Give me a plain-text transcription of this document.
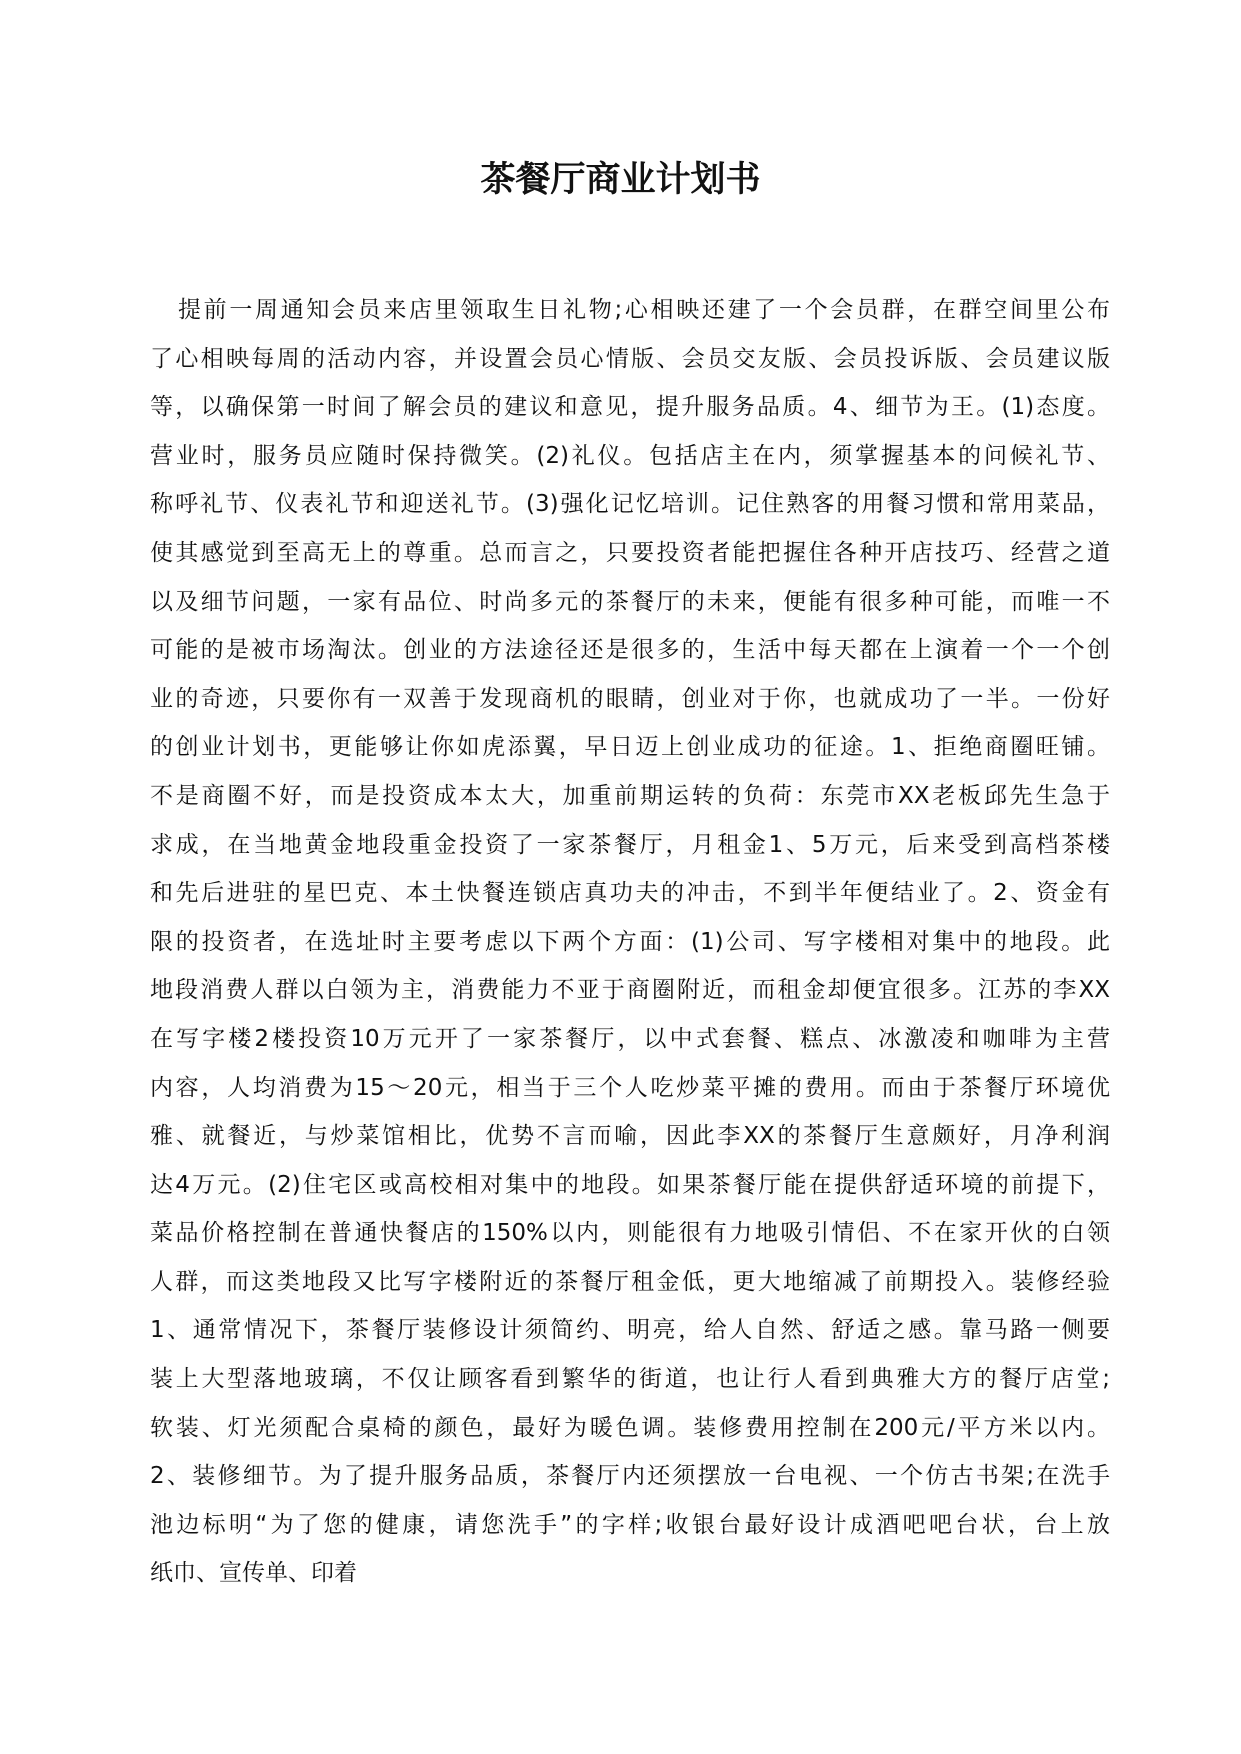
茶餐厅商业计划书
提前一周通知会员来店里领取生日礼物;心相映还建了一个会员群，在群空间里公布
了心相映每周的活动内容，并设置会员心情版、会员交友版、会员投诉版、会员建议版
等，以确保第一时间了解会员的建议和意见，提升服务品质。4、细节为王。(1)态度。
营业时，服务员应随时保持微笑。(2)礼仪。包括店主在内，须掌握基本的问候礼节、
称呼礼节、仪表礼节和迎送礼节。(3)强化记忆培训。记住熟客的用餐习惯和常用菜品，
使其感觉到至高无上的尊重。总而言之，只要投资者能把握住各种开店技巧、经营之道
以及细节问题，一家有品位、时尚多元的茶餐厅的未来，便能有很多种可能，而唯一不
可能的是被市场淘汰。创业的方法途径还是很多的，生活中每天都在上演着一个一个创
业的奇迹，只要你有一双善于发现商机的眼睛，创业对于你，也就成功了一半。一份好
的创业计划书，更能够让你如虎添翼，早日迈上创业成功的征途。1、拒绝商圈旺铺。
不是商圈不好，而是投资成本太大，加重前期运转的负荷：东莞市XX老板邱先生急于
求成，在当地黄金地段重金投资了一家茶餐厅，月租金1、5万元，后来受到高档茶楼
和先后进驻的星巴克、本土快餐连锁店真功夫的冲击，不到半年便结业了。2、资金有
限的投资者，在选址时主要考虑以下两个方面：(1)公司、写字楼相对集中的地段。此
地段消费人群以白领为主，消费能力不亚于商圈附近，而租金却便宜很多。江苏的李XX
在写字楼2楼投资10万元开了一家茶餐厅，以中式套餐、糕点、冰激凌和咖啡为主营
内容，人均消费为15～20元，相当于三个人吃炒菜平摊的费用。而由于茶餐厅环境优
雅、就餐近，与炒菜馆相比，优势不言而喻，因此李XX的茶餐厅生意颇好，月净利润
达4万元。(2)住宅区或高校相对集中的地段。如果茶餐厅能在提供舒适环境的前提下，
菜品价格控制在普通快餐店的150%以内，则能很有力地吸引情侣、不在家开伙的白领
人群，而这类地段又比写字楼附近的茶餐厅租金低，更大地缩减了前期投入。装修经验
1、通常情况下，茶餐厅装修设计须简约、明亮，给人自然、舒适之感。靠马路一侧要
装上大型落地玻璃，不仅让顾客看到繁华的街道，也让行人看到典雅大方的餐厅店堂;
软装、灯光须配合桌椅的颜色，最好为暖色调。装修费用控制在200元/平方米以内。
2、装修细节。为了提升服务品质，茶餐厅内还须摆放一台电视、一个仿古书架;在洗手
池边标明“为了您的健康，请您洗手”的字样;收银台最好设计成酒吧吧台状，台上放
纸巾、宣传单、印着
